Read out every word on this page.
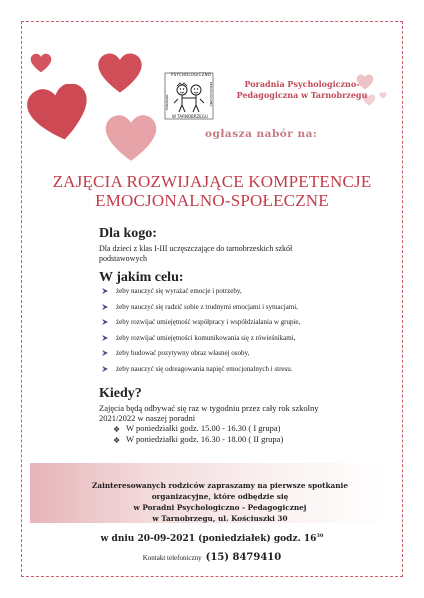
PORADNIA	PEDAGOGICZNA
PSYCHOLOGICZNO
W TARNOBRZEGU
Poradnia Psychologiczno-Pedagogiczna w Tarnobrzegu
ogłasza nabór na:
ZAJĘCIA ROZWIJAJĄCE KOMPETENCJE
EMOCJONALNO-SPOŁECZNE
Dla kogo:
Dla dzieci z klas I-III uczęszczające do tarnobrzeskich szkół
podstawowych
W jakim celu:
żeby nauczyć się wyrażać emocje i potrzeby,
żeby nauczyć się radzić sobie z trudnymi emocjami i sytuacjami,
żeby rozwijać umiejętność współpracy i współdziałania w grupie,
żeby rozwijać umiejętności komunikowania się z rówieśnikami,
żeby budować pozytywny obraz własnej osoby,
żeby nauczyć się odreagowania napięć emocjonalnych i stresu.
Kiedy?
Zajęcia będą odbywać się raz w tygodniu przez cały rok szkolny
2021/2022 w naszej poradni
❖ W poniedziałki godz. 15.00 - 16.30 ( I grupa)
❖ W poniedziałki godz. 16.30 - 18.00 ( II grupa)
Zainteresowanych rodziców zapraszamy na pierwsze spotkanie
organizacyjne, które odbędzie się
w Poradni Psychologiczno - Pedagogicznej
w Tarnobrzegu, ul. Kościuszki 30
w dniu 20-09-2021 (poniedziałek) godz. $16^{30}$
Kontakt telefoniczny (15) 8479410
